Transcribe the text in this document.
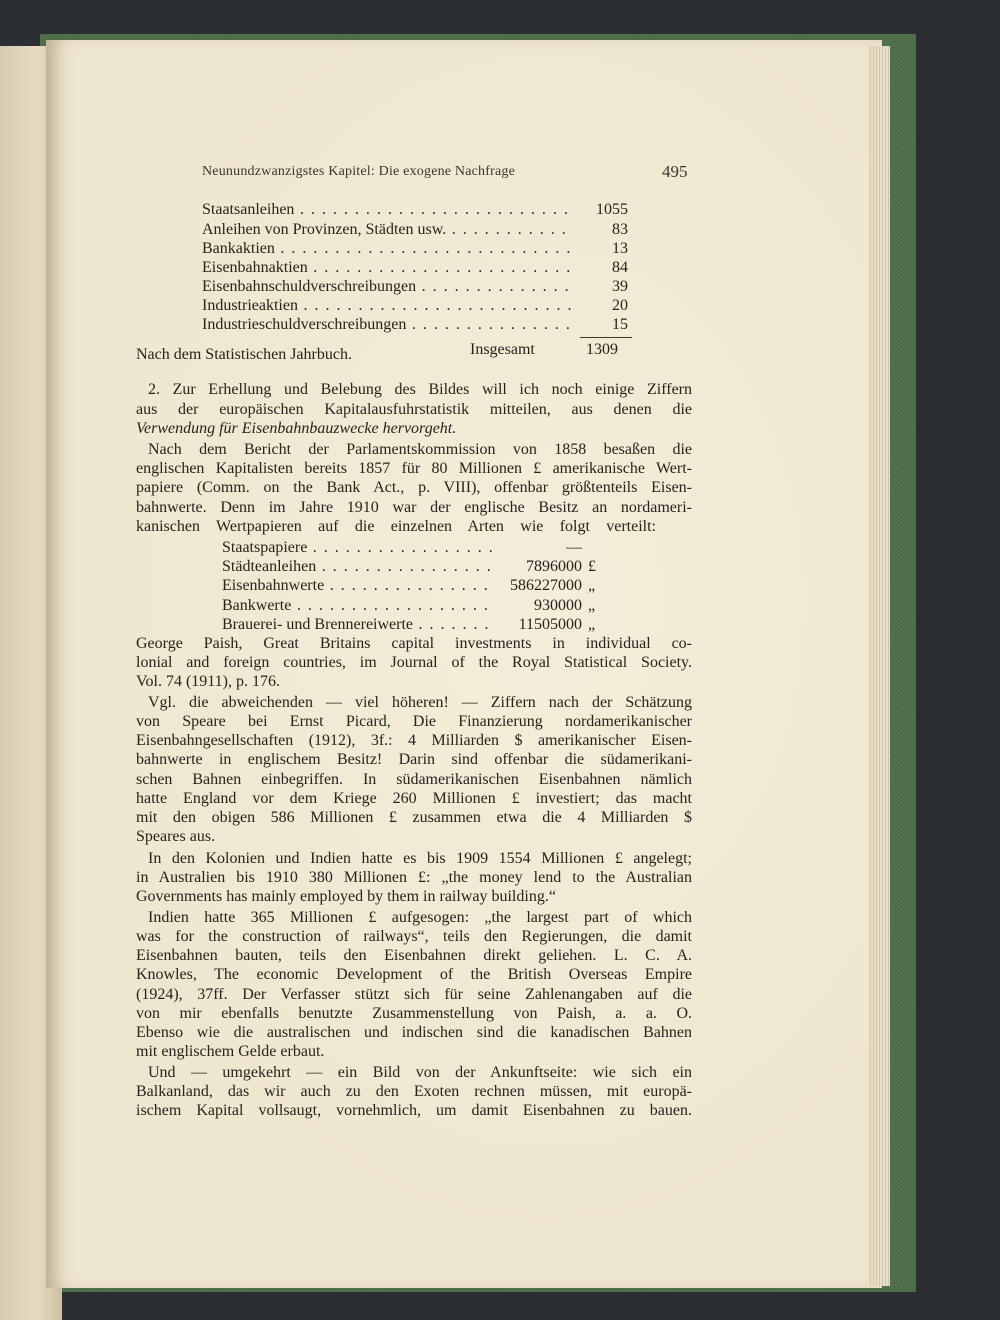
Neunundzwanzigstes Kapitel: Die exogene Nachfrage	495
Staatsanleihen . . .	1055
Anleihen von Provinzen, Städten usw. . . .	83
Bankaktien . . .	13
Eisenbahnaktien . . .	84
Eisenbahnschuldverschreibungen . . .	39
Industrieaktien . . .	20
Industrieschuldverschreibungen . . .	15
Insgesamt	1309
Nach dem Statistischen Jahrbuch.
2. Zur Erhellung und Belebung des Bildes will ich noch einige Ziffern
aus der europäischen Kapitalausfuhrstatistik mitteilen, aus denen die
Verwendung für Eisenbahnbauzwecke hervorgeht.
Nach dem Bericht der Parlamentskommission von 1858 besaßen die
englischen Kapitalisten bereits 1857 für 80 Millionen £ amerikanische Wert-
papiere (Comm. on the Bank Act., p. VIII), offenbar größtenteils Eisen-
bahnwerte. Denn im Jahre 1910 war der englische Besitz an nordameri-
kanischen Wertpapieren auf die einzelnen Arten wie folgt verteilt:
Staatspapiere . . .	—
Städteanleihen . . .	7896000 £
Eisenbahnwerte . . .	586227000 „
Bankwerte . . .	930000 „
Brauerei- und Brennereiwerte . . .	11505000 „
George Paish, Great Britains capital investments in individual co-
lonial and foreign countries, im Journal of the Royal Statistical Society.
Vol. 74 (1911), p. 176.
Vgl. die abweichenden — viel höheren! — Ziffern nach der Schätzung
von Speare bei Ernst Picard, Die Finanzierung nordamerikanischer
Eisenbahngesellschaften (1912), 3f.: 4 Milliarden $ amerikanischer Eisen-
bahnwerte in englischem Besitz! Darin sind offenbar die südamerikani-
schen Bahnen einbegriffen. In südamerikanischen Eisenbahnen nämlich
hatte England vor dem Kriege 260 Millionen £ investiert; das macht
mit den obigen 586 Millionen £ zusammen etwa die 4 Milliarden $
Speares aus.
In den Kolonien und Indien hatte es bis 1909 1554 Millionen £ angelegt;
in Australien bis 1910 380 Millionen £: „the money lend to the Australian
Governments has mainly employed by them in railway building.“
Indien hatte 365 Millionen £ aufgesogen: „the largest part of which
was for the construction of railways“, teils den Regierungen, die damit
Eisenbahnen bauten, teils den Eisenbahnen direkt geliehen. L. C. A.
Knowles, The economic Development of the British Overseas Empire
(1924), 37ff. Der Verfasser stützt sich für seine Zahlenangaben auf die
von mir ebenfalls benutzte Zusammenstellung von Paish, a. a. O.
Ebenso wie die australischen und indischen sind die kanadischen Bahnen
mit englischem Gelde erbaut.
Und — umgekehrt — ein Bild von der Ankunftseite: wie sich ein
Balkanland, das wir auch zu den Exoten rechnen müssen, mit europä-
ischem Kapital vollsaugt, vornehmlich, um damit Eisenbahnen zu bauen.
